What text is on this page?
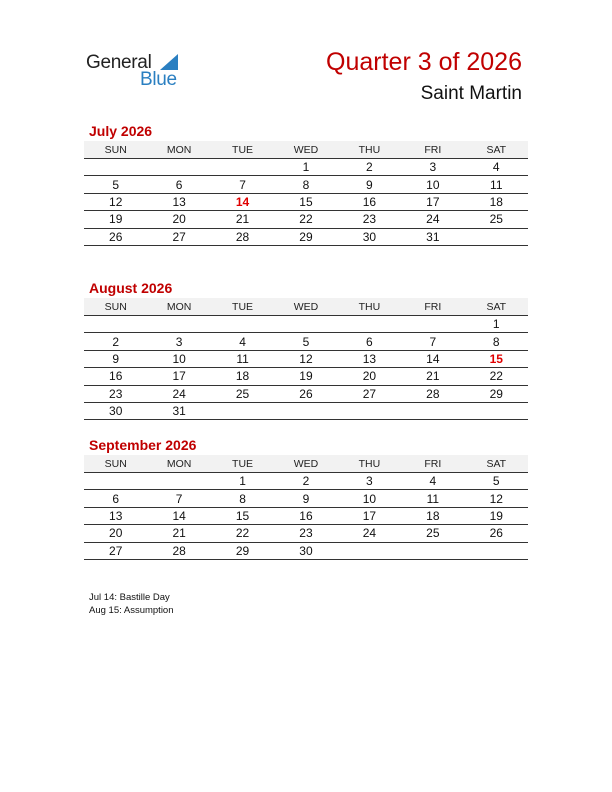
General
Blue
Quarter 3 of 2026
Saint Martin
July 2026
SUN	MON	TUE	WED	THU	FRI	SAT
			1	2	3	4
5	6	7	8	9	10	11
12	13	14	15	16	17	18
19	20	21	22	23	24	25
26	27	28	29	30	31	
August 2026
SUN	MON	TUE	WED	THU	FRI	SAT
						1
2	3	4	5	6	7	8
9	10	11	12	13	14	15
16	17	18	19	20	21	22
23	24	25	26	27	28	29
30	31					
September 2026
SUN	MON	TUE	WED	THU	FRI	SAT
		1	2	3	4	5
6	7	8	9	10	11	12
13	14	15	16	17	18	19
20	21	22	23	24	25	26
27	28	29	30			
Jul 14: Bastille Day
Aug 15: Assumption
